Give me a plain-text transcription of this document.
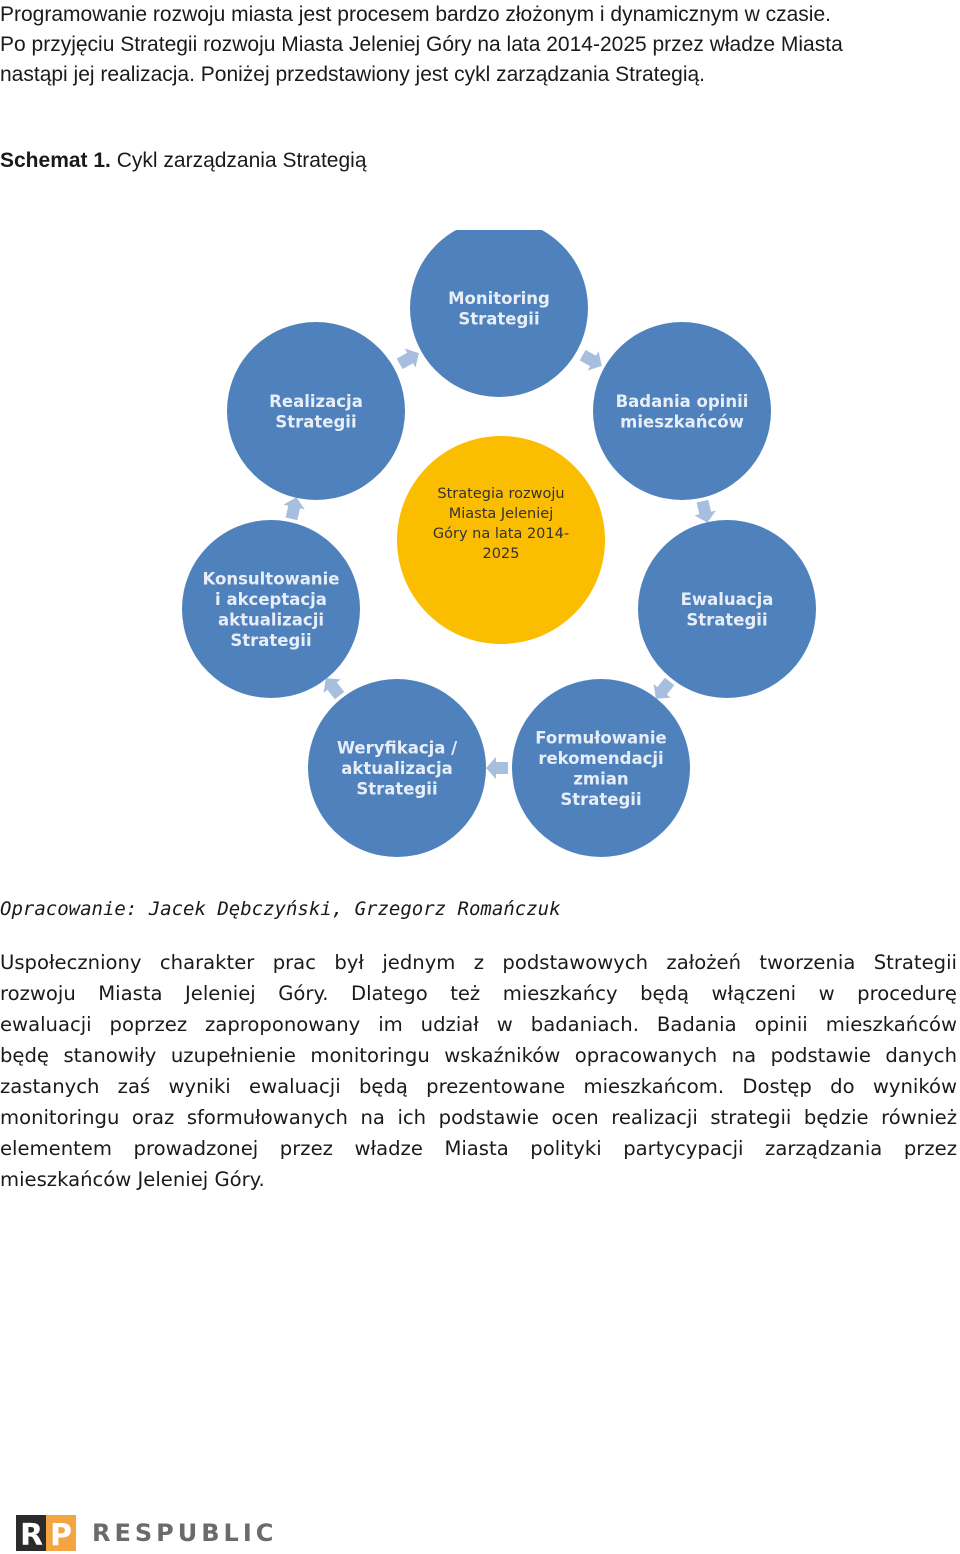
Programowanie rozwoju miasta jest procesem bardzo złożonym i dynamicznym w czasie.
Po przyjęciu Strategii rozwoju Miasta Jeleniej Góry na lata 2014-2025 przez władze Miasta
nastąpi jej realizacja. Poniżej przedstawiony jest cykl zarządzania Strategią.
Schemat 1. Cykl zarządzania Strategią
Monitoring Strategii
Badania opinii mieszkańców
Ewaluacja Strategii
Formułowanie rekomendacji zmian Strategii
Weryfikacja / aktualizacja Strategii
Konsultowanie i akceptacja aktualizacji Strategii
Realizacja Strategii
Strategia rozwoju Miasta Jeleniej Góry na lata 2014-2025
Opracowanie: Jacek Dębczyński, Grzegorz Romańczuk
Uspołeczniony charakter prac był jednym z podstawowych założeń tworzenia Strategii
rozwoju Miasta Jeleniej Góry. Dlatego też mieszkańcy będą włączeni w procedurę
ewaluacji poprzez zaproponowany im udział w badaniach. Badania opinii mieszkańców
będę stanowiły uzupełnienie monitoringu wskaźników opracowanych na podstawie danych
zastanych zaś wyniki ewaluacji będą prezentowane mieszkańcom. Dostęp do wyników
monitoringu oraz sformułowanych na ich podstawie ocen realizacji strategii będzie również
elementem prowadzonej przez władze Miasta polityki partycypacji zarządzania przez
mieszkańców Jeleniej Góry.
R P RESPUBLIC
